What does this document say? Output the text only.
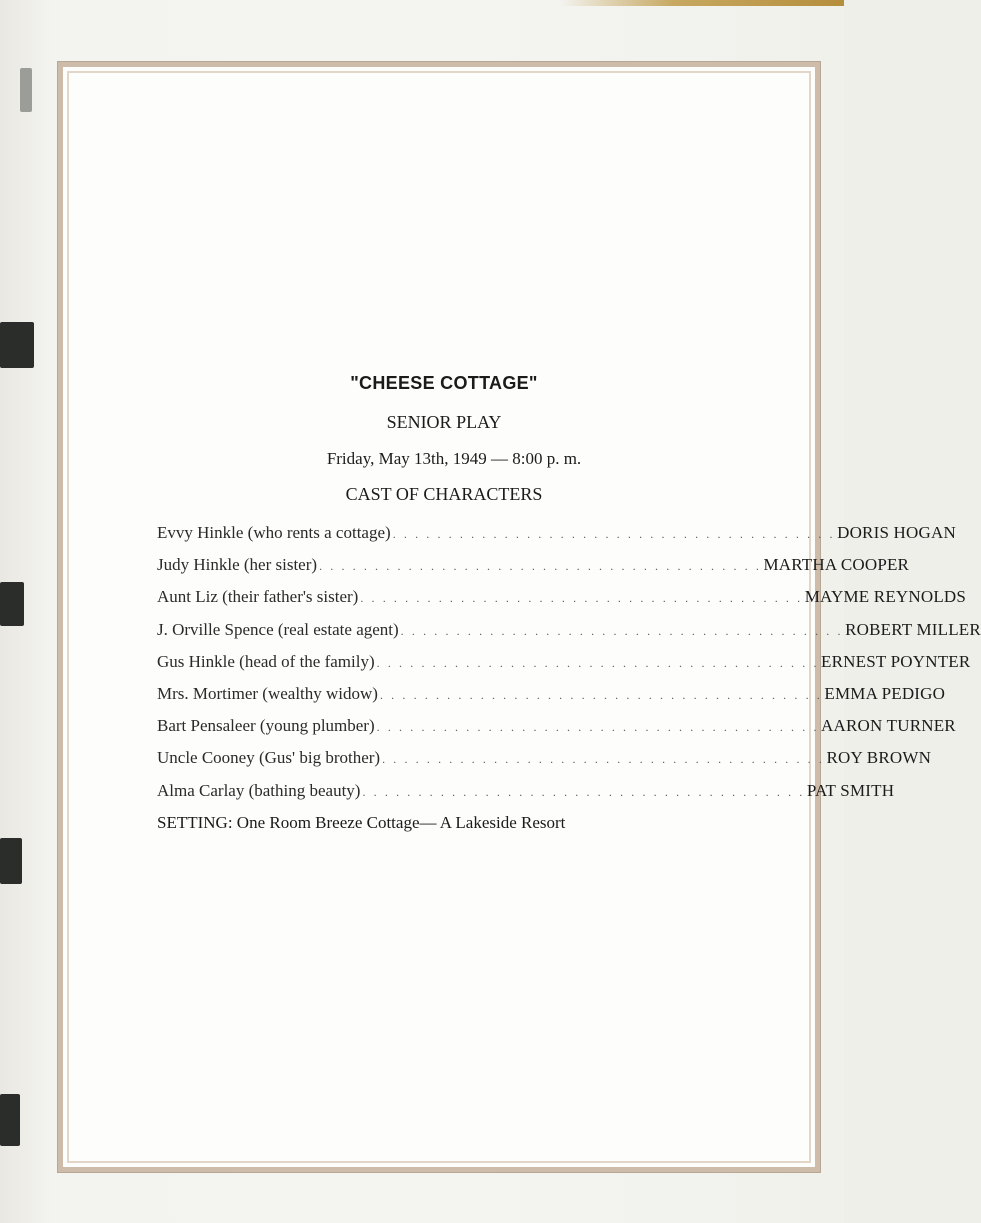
"CHEESE COTTAGE"
SENIOR PLAY
Friday, May 13th, 1949 — 8:00 p. m.
CAST OF CHARACTERS
Evvy Hinkle (who rents a cottage) . . . . . . . . . . . . . . . . . . . . . . . . . . . . . . . . . . . . . . . . DORIS HOGAN
Judy Hinkle (her sister) . . . . . . . . . . . . . . . . . . . . . . . . . . . . . . . . . . . . . . . . MARTHA COOPER
Aunt Liz (their father's sister) . . . . . . . . . . . . . . . . . . . . . . . . . . . . . . . . . . . . . . . . MAYME REYNOLDS
J. Orville Spence (real estate agent) . . . . . . . . . . . . . . . . . . . . . . . . . . . . . . . . . . . . . . . . ROBERT MILLER
Gus Hinkle (head of the family) . . . . . . . . . . . . . . . . . . . . . . . . . . . . . . . . . . . . . . . . ERNEST POYNTER
Mrs. Mortimer (wealthy widow) . . . . . . . . . . . . . . . . . . . . . . . . . . . . . . . . . . . . . . . . EMMA PEDIGO
Bart Pensaleer (young plumber) . . . . . . . . . . . . . . . . . . . . . . . . . . . . . . . . . . . . . . . . AARON TURNER
Uncle Cooney (Gus' big brother) . . . . . . . . . . . . . . . . . . . . . . . . . . . . . . . . . . . . . . . . ROY BROWN
Alma Carlay (bathing beauty) . . . . . . . . . . . . . . . . . . . . . . . . . . . . . . . . . . . . . . . . PAT SMITH
SETTING: One Room Breeze Cottage— A Lakeside Resort
